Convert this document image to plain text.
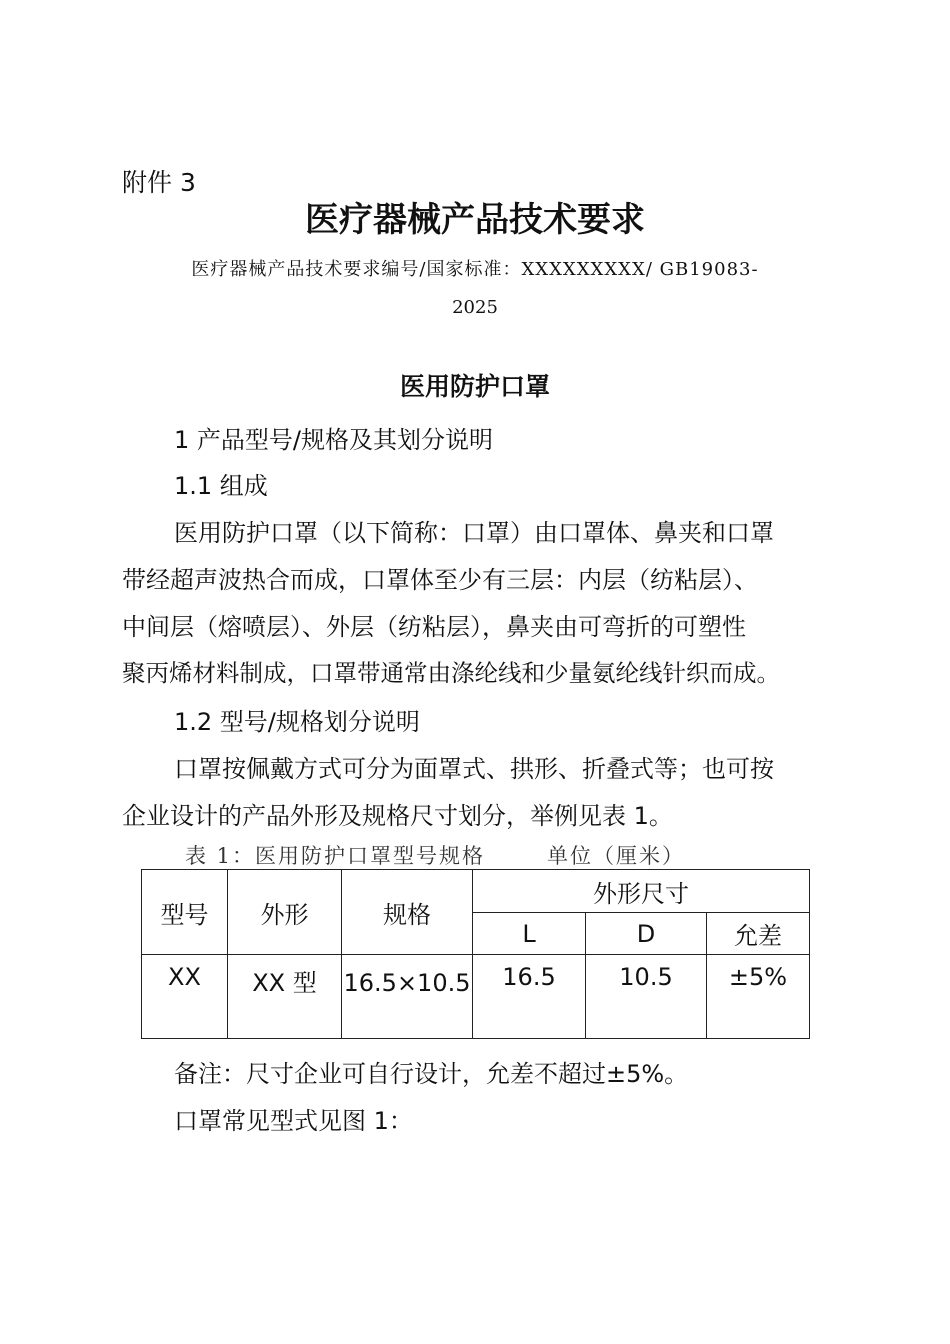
附件 3
医疗器械产品技术要求
医疗器械产品技术要求编号/国家标准：XXXXXXXXX/ GB19083-
2025
医用防护口罩
1 产品型号/规格及其划分说明
1.1 组成
医用防护口罩（以下简称：口罩）由口罩体、鼻夹和口罩
带经超声波热合而成，口罩体至少有三层：内层（纺粘层）、
中间层（熔喷层）、外层（纺粘层），鼻夹由可弯折的可塑性
聚丙烯材料制成，口罩带通常由涤纶线和少量氨纶线针织而成。
1.2 型号/规格划分说明
口罩按佩戴方式可分为面罩式、拱形、折叠式等；也可按
企业设计的产品外形及规格尺寸划分，举例见表 1。
表 1：医用防护口罩型号规格	单位（厘米）
型号	外形	规格	外形尺寸		
			L	D	允差
XX	XX 型	16.5×10.5	16.5	10.5	±5%
备注：尺寸企业可自行设计，允差不超过±5%。
口罩常见型式见图 1：
